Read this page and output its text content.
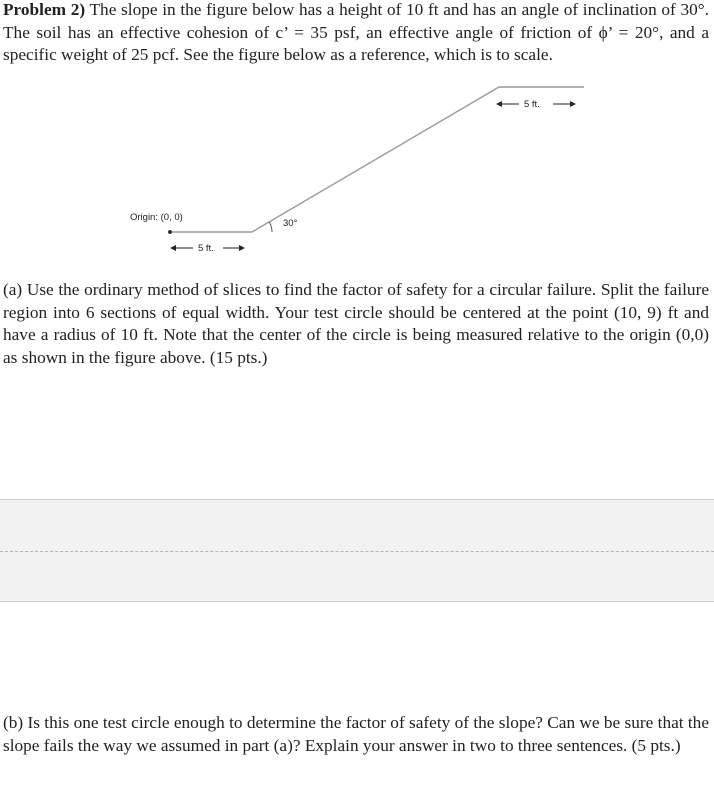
Problem 2) The slope in the figure below has a height of 10 ft and has an angle of inclination of 30°. The soil has an effective cohesion of c’ = 35 psf, an effective angle of friction of ϕ’ = 20°, and a specific weight of 25 pcf. See the figure below as a reference, which is to scale.

Origin: (0, 0)
30°
5 ft.
5 ft.

(a) Use the ordinary method of slices to find the factor of safety for a circular failure. Split the failure region into 6 sections of equal width. Your test circle should be centered at the point (10, 9) ft and have a radius of 10 ft. Note that the center of the circle is being measured relative to the origin (0,0) as shown in the figure above. (15 pts.)

(b) Is this one test circle enough to determine the factor of safety of the slope? Can we be sure that the slope fails the way we assumed in part (a)? Explain your answer in two to three sentences. (5 pts.)
